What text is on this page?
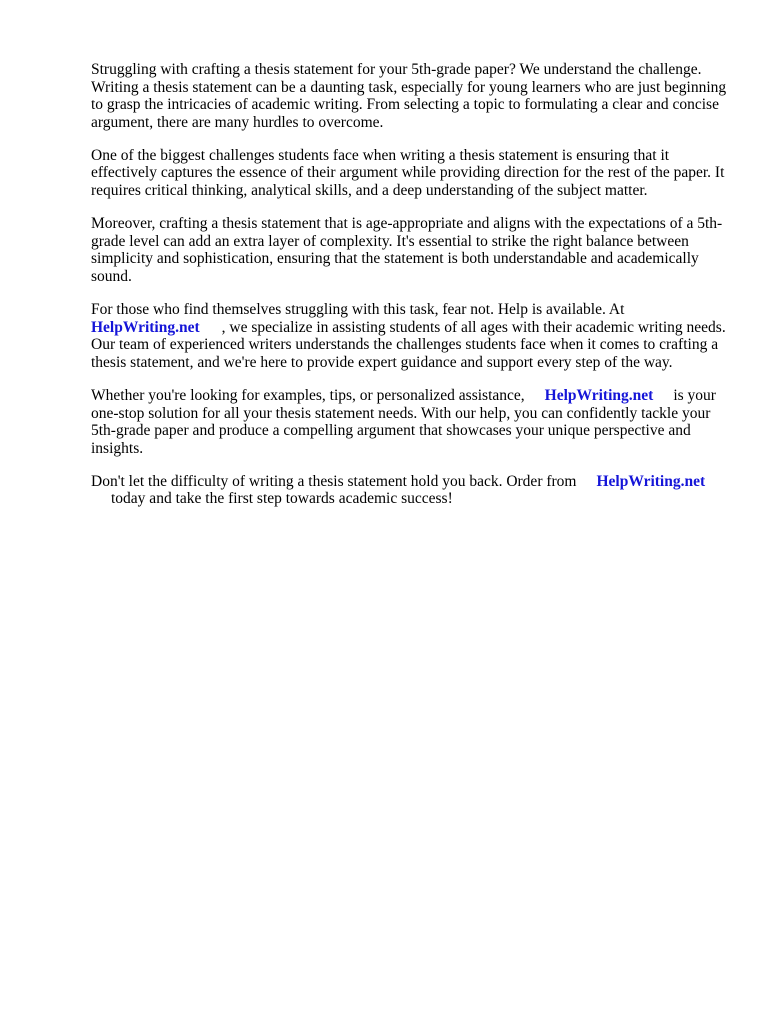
Struggling with crafting a thesis statement for your 5th-grade paper? We understand the challenge. Writing a thesis statement can be a daunting task, especially for young learners who are just beginning to grasp the intricacies of academic writing. From selecting a topic to formulating a clear and concise argument, there are many hurdles to overcome.

One of the biggest challenges students face when writing a thesis statement is ensuring that it effectively captures the essence of their argument while providing direction for the rest of the paper. It requires critical thinking, analytical skills, and a deep understanding of the subject matter.

Moreover, crafting a thesis statement that is age-appropriate and aligns with the expectations of a 5th-grade level can add an extra layer of complexity. It's essential to strike the right balance between simplicity and sophistication, ensuring that the statement is both understandable and academically sound.

For those who find themselves struggling with this task, fear not. Help is available. At
HelpWriting.net , we specialize in assisting students of all ages with their academic writing needs. Our team of experienced writers understands the challenges students face when it comes to crafting a thesis statement, and we're here to provide expert guidance and support every step of the way.

Whether you're looking for examples, tips, or personalized assistance, HelpWriting.net is your one-stop solution for all your thesis statement needs. With our help, you can confidently tackle your 5th-grade paper and produce a compelling argument that showcases your unique perspective and insights.

Don't let the difficulty of writing a thesis statement hold you back. Order from HelpWriting.net
today and take the first step towards academic success!
